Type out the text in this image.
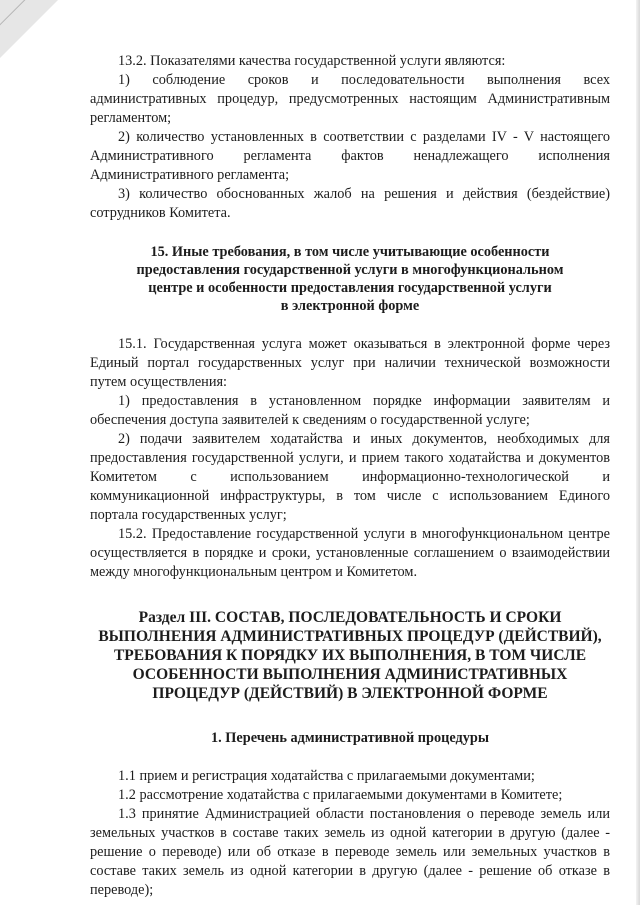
13.2. Показателями качества государственной услуги являются:

1) соблюдение сроков и последовательности выполнения всех административных процедур, предусмотренных настоящим Административным регламентом;

2) количество установленных в соответствии с разделами IV - V настоящего Административного регламента фактов ненадлежащего исполнения Административного регламента;

3) количество обоснованных жалоб на решения и действия (бездействие) сотрудников Комитета.

15. Иные требования, в том числе учитывающие особенности
предоставления государственной услуги в многофункциональном
центре и особенности предоставления государственной услуги
в электронной форме

15.1. Государственная услуга может оказываться в электронной форме через Единый портал государственных услуг при наличии технической возможности путем осуществления:

1) предоставления в установленном порядке информации заявителям и обеспечения доступа заявителей к сведениям о государственной услуге;

2) подачи заявителем ходатайства и иных документов, необходимых для предоставления государственной услуги, и прием такого ходатайства и документов Комитетом с использованием информационно-технологической и коммуникационной инфраструктуры, в том числе с использованием Единого портала государственных услуг;

15.2. Предоставление государственной услуги в многофункциональном центре осуществляется в порядке и сроки, установленные соглашением о взаимодействии между многофункциональным центром и Комитетом.

Раздел III. СОСТАВ, ПОСЛЕДОВАТЕЛЬНОСТЬ И СРОКИ
ВЫПОЛНЕНИЯ АДМИНИСТРАТИВНЫХ ПРОЦЕДУР (ДЕЙСТВИЙ),
ТРЕБОВАНИЯ К ПОРЯДКУ ИХ ВЫПОЛНЕНИЯ, В ТОМ ЧИСЛЕ
ОСОБЕННОСТИ ВЫПОЛНЕНИЯ АДМИНИСТРАТИВНЫХ
ПРОЦЕДУР (ДЕЙСТВИЙ) В ЭЛЕКТРОННОЙ ФОРМЕ
1. Перечень административной процедуры

1.1 прием и регистрация ходатайства с прилагаемыми документами;

1.2 рассмотрение ходатайства с прилагаемыми документами в Комитете;

1.3 принятие Администрацией области постановления о переводе земель или земельных участков в составе таких земель из одной категории в другую (далее - решение о переводе) или об отказе в переводе земель или земельных участков в составе таких земель из одной категории в другую (далее - решение об отказе в переводе);
